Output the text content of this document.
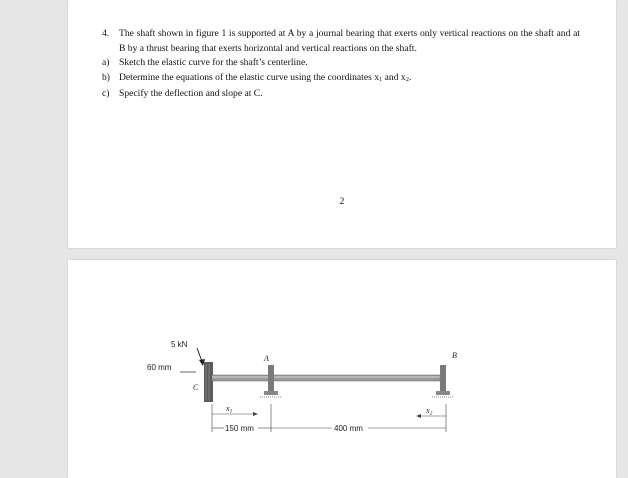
4.	The shaft shown in figure 1 is supported at A by a journal bearing that exerts only vertical reactions on the shaft and at B by a thrust bearing that exerts horizontal and vertical reactions on the shaft.
a) Sketch the elastic curve for the shaft’s centerline.
b) Determine the equations of the elastic curve using the coordinates x1 and x2.
c) Specify the deflection and slope at C.
2
5 kN
60 mm
C
A	B
x1	x2
150 mm	400 mm
